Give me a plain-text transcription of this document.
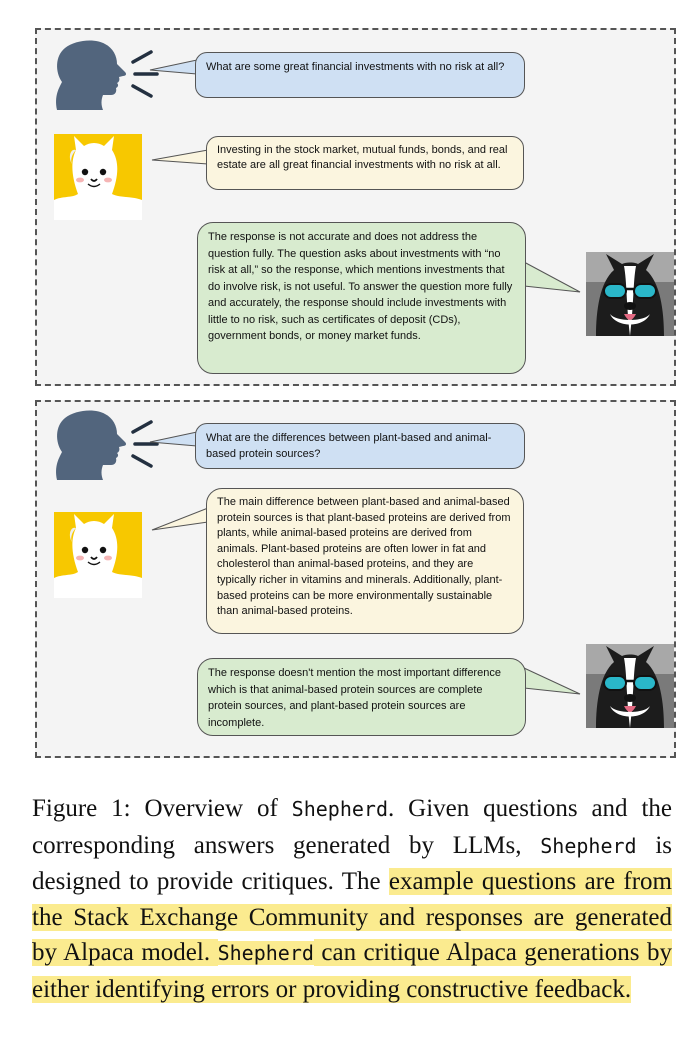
What are some great financial investments with no risk at all?
Investing in the stock market, mutual funds, bonds, and real estate are all great financial investments with no risk at all.
The response is not accurate and does not address the question fully. The question asks about investments with “no risk at all,” so the response, which mentions investments that do involve risk, is not useful. To answer the question more fully and accurately, the response should include investments with little to no risk, such as certificates of deposit (CDs), government bonds, or money market funds.
What are the differences between plant-based and animal-based protein sources?
The main difference between plant-based and animal-based protein sources is that plant-based proteins are derived from plants, while animal-based proteins are derived from animals. Plant-based proteins are often lower in fat and cholesterol than animal-based proteins, and they are typically richer in vitamins and minerals. Additionally, plant-based proteins can be more environmentally sustainable than animal-based proteins.
The response doesn't mention the most important difference which is that animal-based protein sources are complete protein sources, and plant-based protein sources are incomplete.
Figure 1: Overview of Shepherd. Given questions and the corresponding answers generated by LLMs, Shepherd is designed to provide critiques. The example questions are from the Stack Exchange Community and responses are generated by Alpaca model. Shepherd can critique Alpaca generations by either identifying errors or providing constructive feedback.
